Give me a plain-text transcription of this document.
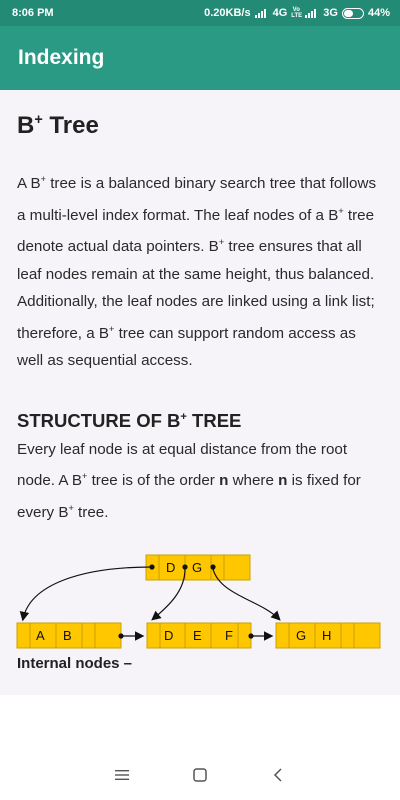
8:06 PM	0.20KB/s 4G Vo
LTE 3G	44%
Indexing
B+ Tree

A B+ tree is a balanced binary search tree that follows a multi-level index format. The leaf nodes of a B+ tree denote actual data pointers. B+ tree ensures that all leaf nodes remain at the same height, thus balanced. Additionally, the leaf nodes are linked using a link list; therefore, a B+ tree can support random access as well as sequential access.

STRUCTURE OF B+ TREE

Every leaf node is at equal distance from the root node. A B+ tree is of the order n where n is fixed for every B+ tree.

D G
A B	D E F	G H
Internal nodes –
